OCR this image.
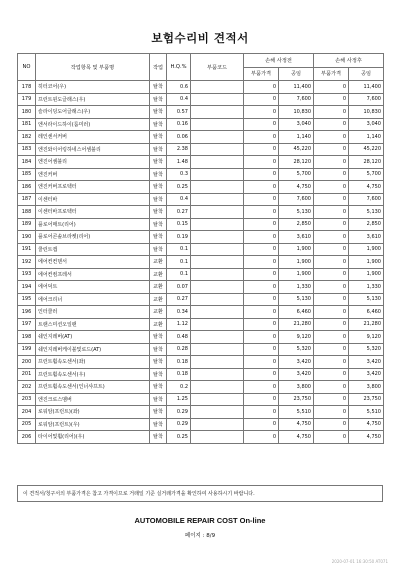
보험수리비 견적서
NO	작업항목 및 부품명	작업	H.Q.%	부품코드	손해 사정전		손해 사정후	
					부품가격	공임	부품가격	공임
178	히터코어(우)	탈착	0.6		0	11,400	0	11,400
179	프런트윈도글래스(우)	탈착	0.4		0	7,600	0	7,600
180	슬라이딩도어글래스(우)	탈착	0.57		0	10,830	0	10,830
181	엔서라이드하이(룸미러)	탈착	0.16		0	3,040	0	3,040
182	레인센서커버	탈착	0.06		0	1,140	0	1,140
183	엔진와이어링하네스어셈블리	탈착	2.38		0	45,220	0	45,220
184	엔진어셈블리	탈착	1.48		0	28,120	0	28,120
185	엔진커버	탈착	0.3		0	5,700	0	5,700
186	엔진커버프로텍터	탈착	0.25		0	4,750	0	4,750
187	이센터바	탈착	0.4		0	7,600	0	7,600
188	이센터바프로텍터	탈착	0.27		0	5,130	0	5,130
189	플로어매트(리어)	탈착	0.15		0	2,850	0	2,850
190	플로어콘솔브라켓(리어)	탈착	0.19		0	3,610	0	3,610
191	쿨런트캡	탈착	0.1		0	1,900	0	1,900
192	에어컨컨덴서	교환	0.1		0	1,900	0	1,900
193	에어컨컴프레서	교환	0.1		0	1,900	0	1,900
194	에어덕트	교환	0.07		0	1,330	0	1,330
195	에어크리너	교환	0.27		0	5,130	0	5,130
196	인터쿨러	교환	0.34		0	6,460	0	6,460
197	트랜스미션오일팬	교환	1.12		0	21,280	0	21,280
198	쉐인지레버(AT)	탈착	0.48		0	9,120	0	9,120
199	쉐인지레버케이블및로드(AT)	탈착	0.28		0	5,320	0	5,320
200	프런트휠속도센서(좌)	탈착	0.18		0	3,420	0	3,420
201	프런트휠속도센서(우)	탈착	0.18		0	3,420	0	3,420
202	프런트휠속도센서(인너샤프트)	탈착	0.2		0	3,800	0	3,800
203	엔진크로스멤버	탈착	1.25		0	23,750	0	23,750
204	로워암(프런트)(좌)	탈착	0.29		0	5,510	0	5,510
205	로워암(프런트)(우)	탈착	0.29		0	4,750	0	4,750
206	타이어및휠(리어)(우)	탈착	0.25		0	4,750	0	4,750
이 견적서/청구서의 부품가격은 참고 가격이므로 거래일 기준 실거래가격을 확인하여 사용하시기 바랍니다.
AUTOMOBILE REPAIR COST On-line
페이지 : 8/9
2020-07-01 16:30:50 AT071
